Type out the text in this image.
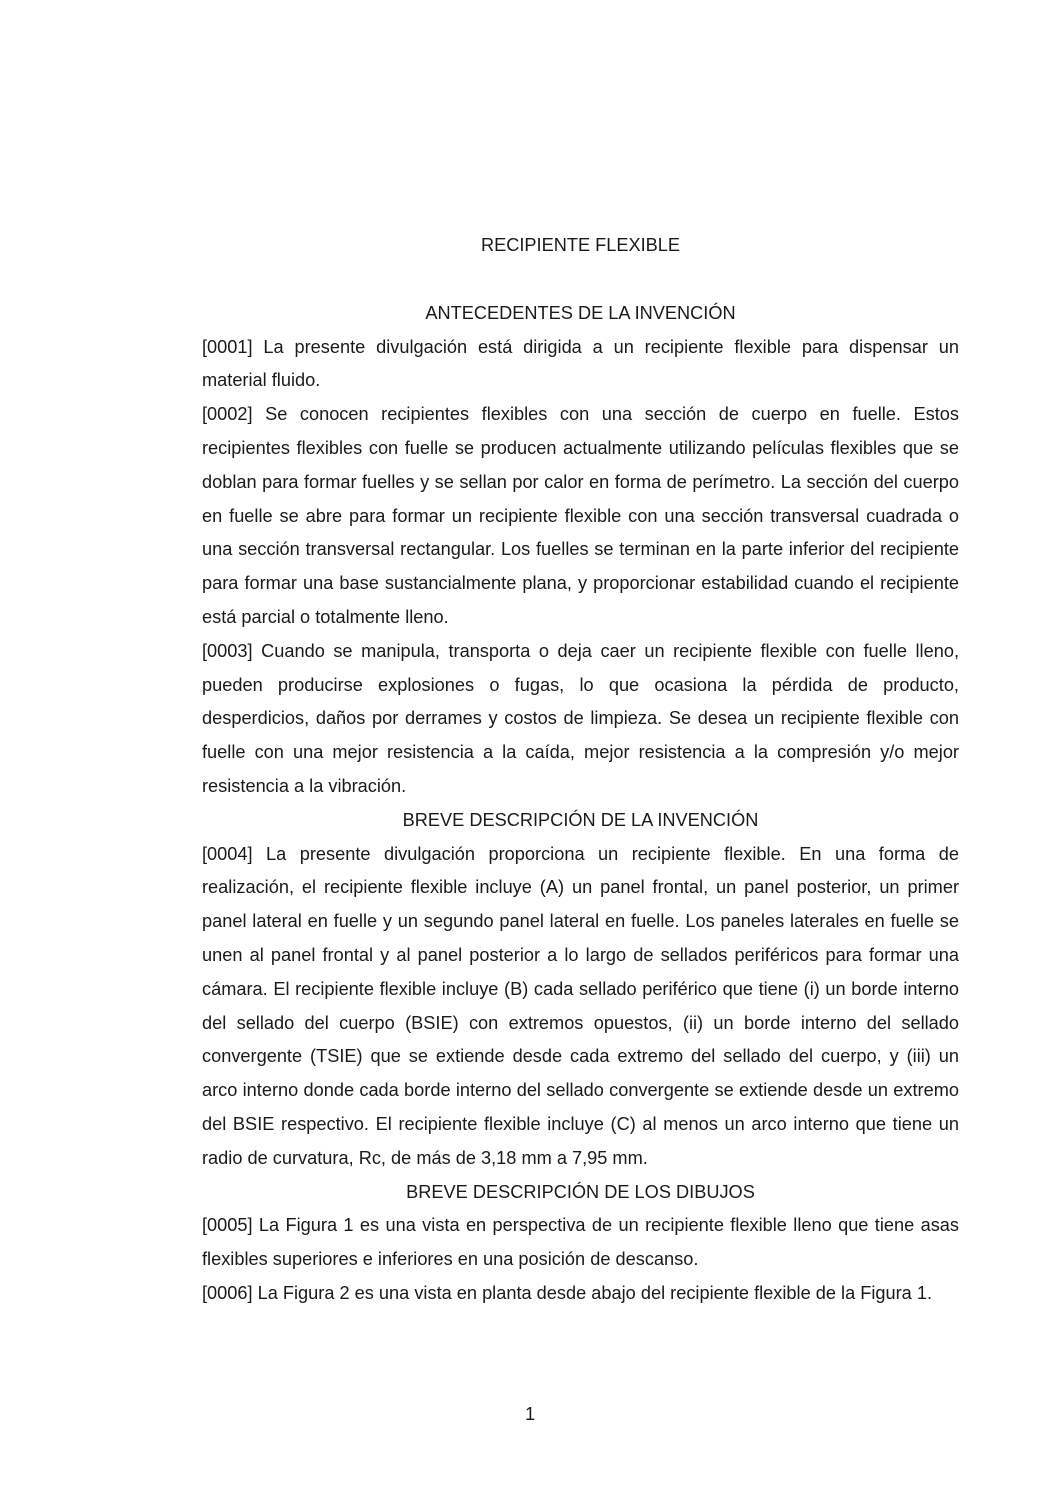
RECIPIENTE FLEXIBLE
ANTECEDENTES DE LA INVENCIÓN

[0001] La presente divulgación está dirigida a un recipiente flexible para dispensar un material fluido.

[0002] Se conocen recipientes flexibles con una sección de cuerpo en fuelle. Estos recipientes flexibles con fuelle se producen actualmente utilizando películas flexibles que se doblan para formar fuelles y se sellan por calor en forma de perímetro. La sección del cuerpo en fuelle se abre para formar un recipiente flexible con una sección transversal cuadrada o una sección transversal rectangular. Los fuelles se terminan en la parte inferior del recipiente para formar una base sustancialmente plana, y proporcionar estabilidad cuando el recipiente está parcial o totalmente lleno.

[0003] Cuando se manipula, transporta o deja caer un recipiente flexible con fuelle lleno, pueden producirse explosiones o fugas, lo que ocasiona la pérdida de producto, desperdicios, daños por derrames y costos de limpieza. Se desea un recipiente flexible con fuelle con una mejor resistencia a la caída, mejor resistencia a la compresión y/o mejor resistencia a la vibración.

BREVE DESCRIPCIÓN DE LA INVENCIÓN

[0004] La presente divulgación proporciona un recipiente flexible. En una forma de realización, el recipiente flexible incluye (A) un panel frontal, un panel posterior, un primer panel lateral en fuelle y un segundo panel lateral en fuelle. Los paneles laterales en fuelle se unen al panel frontal y al panel posterior a lo largo de sellados periféricos para formar una cámara. El recipiente flexible incluye (B) cada sellado periférico que tiene (i) un borde interno del sellado del cuerpo (BSIE) con extremos opuestos, (ii) un borde interno del sellado convergente (TSIE) que se extiende desde cada extremo del sellado del cuerpo, y (iii) un arco interno donde cada borde interno del sellado convergente se extiende desde un extremo del BSIE respectivo. El recipiente flexible incluye (C) al menos un arco interno que tiene un radio de curvatura, Rc, de más de 3,18 mm a 7,95 mm.

BREVE DESCRIPCIÓN DE LOS DIBUJOS

[0005] La Figura 1 es una vista en perspectiva de un recipiente flexible lleno que tiene asas flexibles superiores e inferiores en una posición de descanso.

[0006] La Figura 2 es una vista en planta desde abajo del recipiente flexible de la Figura 1.

1
